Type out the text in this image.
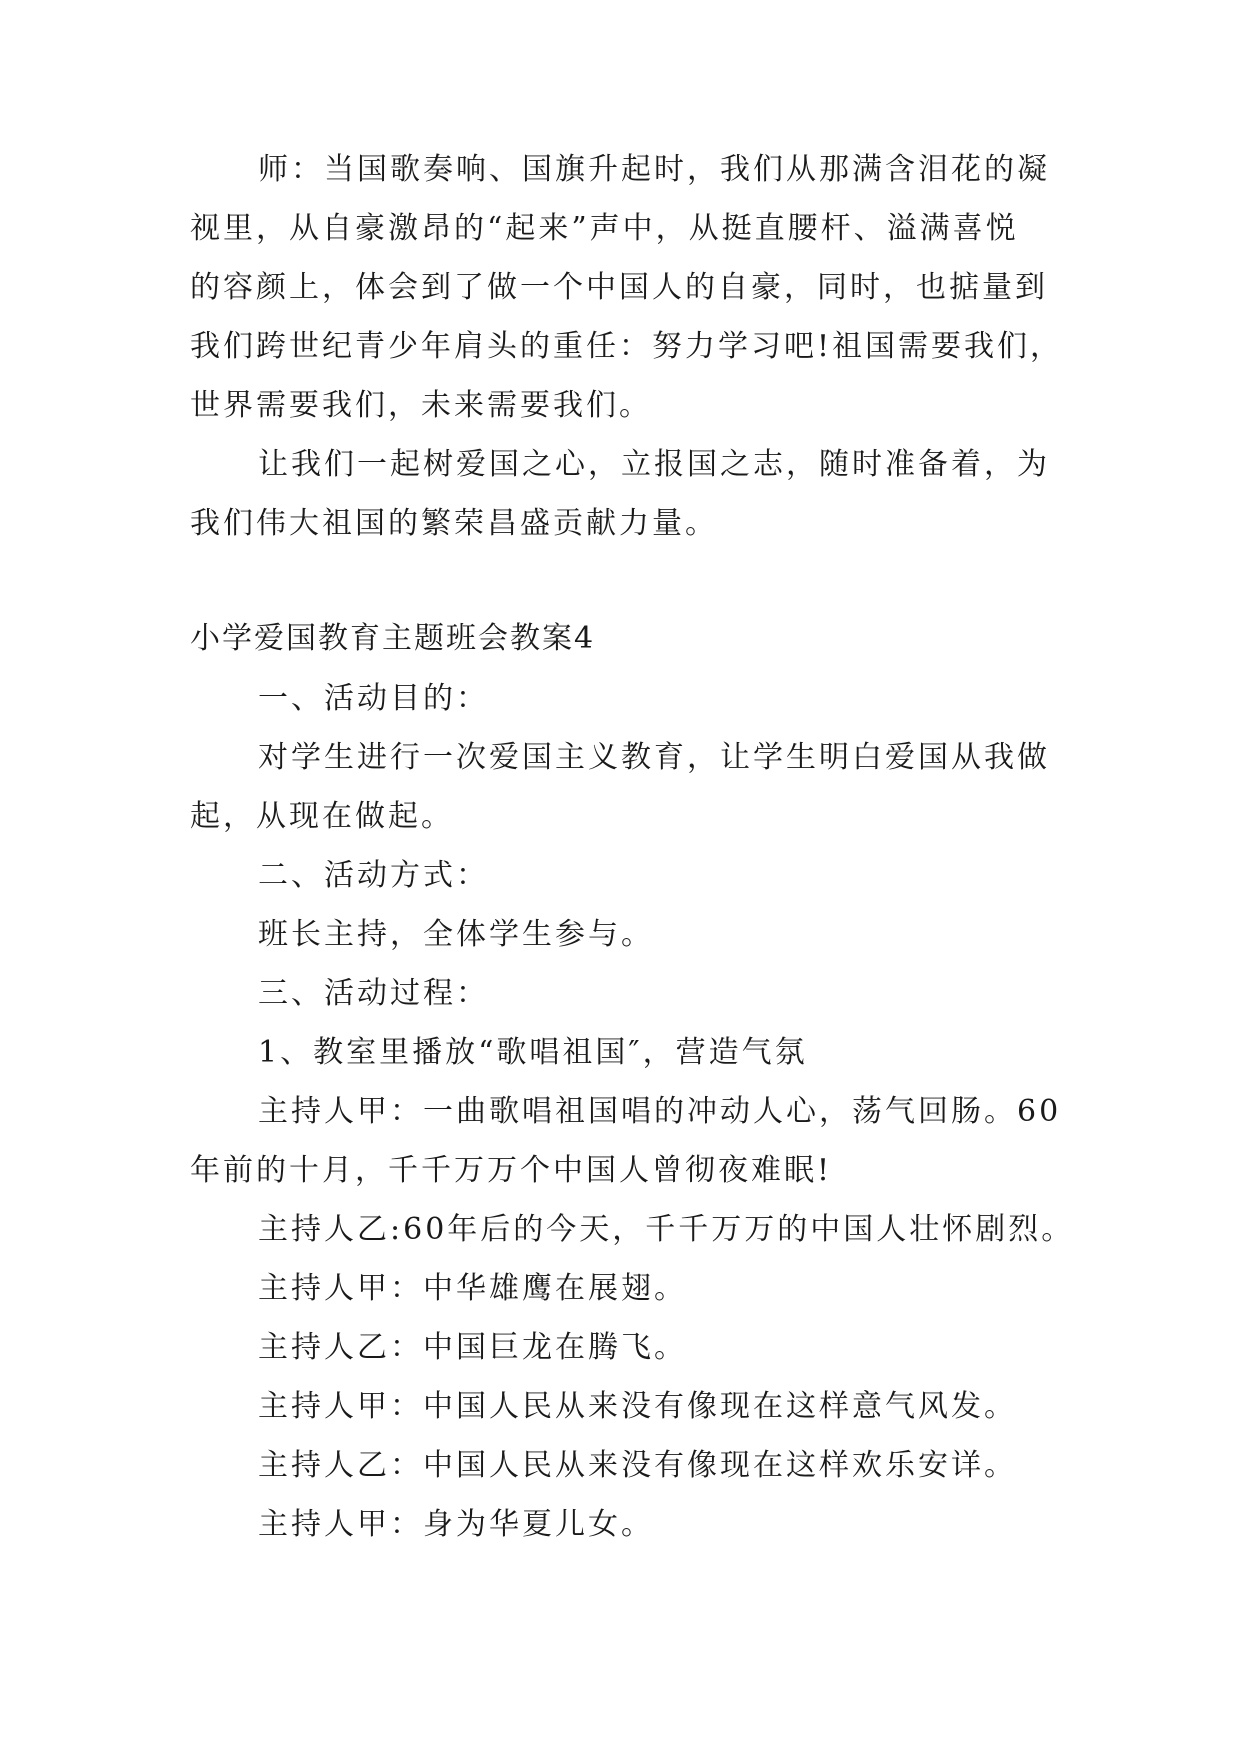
师：当国歌奏响、国旗升起时，我们从那满含泪花的凝

视里，从自豪激昂的“起来”声中，从挺直腰杆、溢满喜悦

的容颜上，体会到了做一个中国人的自豪，同时，也掂量到

我们跨世纪青少年肩头的重任：努力学习吧!祖国需要我们，

世界需要我们，未来需要我们。

让我们一起树爱国之心，立报国之志，随时准备着，为

我们伟大祖国的繁荣昌盛贡献力量。

小学爱国教育主题班会教案4

一、活动目的：

对学生进行一次爱国主义教育，让学生明白爱国从我做

起，从现在做起。

二、活动方式：

班长主持，全体学生参与。

三、活动过程：

1、教室里播放“歌唱祖国″，营造气氛

主持人甲：一曲歌唱祖国唱的冲动人心，荡气回肠。60

年前的十月，千千万万个中国人曾彻夜难眠!

主持人乙:60年后的今天，千千万万的中国人壮怀剧烈。

主持人甲：中华雄鹰在展翅。

主持人乙：中国巨龙在腾飞。

主持人甲：中国人民从来没有像现在这样意气风发。

主持人乙：中国人民从来没有像现在这样欢乐安详。

主持人甲：身为华夏儿女。
